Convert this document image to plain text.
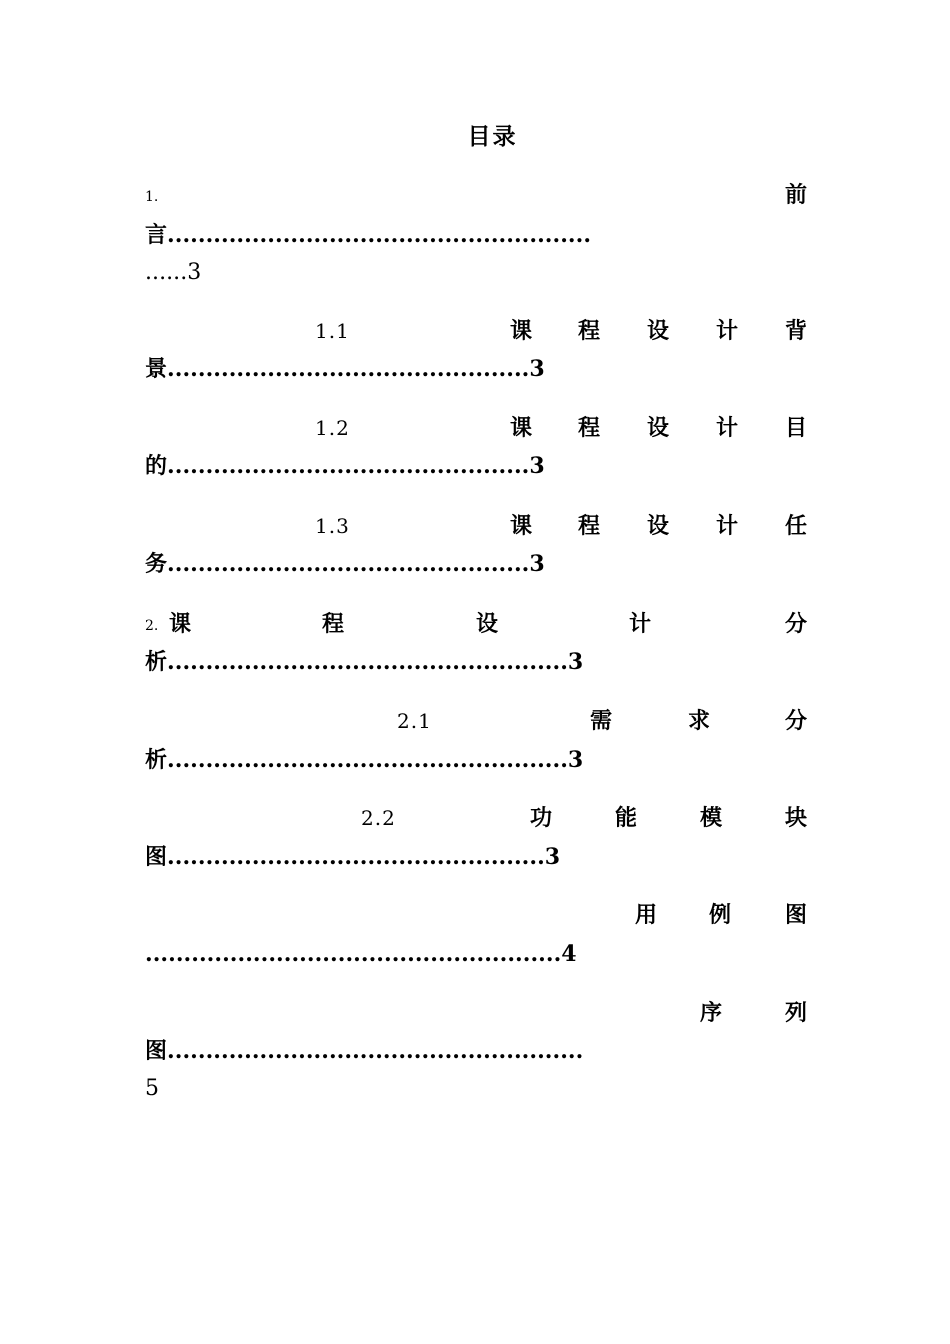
目录
1.	前
言.......................................................
......3
1.1	课 程 设 计 背
景...............................................3
1.2	课 程 设 计 目
的...............................................3
1.3	课 程 设 计 任
务...............................................3
2. 课	程	设	计	分
析....................................................3
2.1	需	求	分
析....................................................3
2.2	功	能	模	块
图.................................................3
用 例 图
......................................................4
序	列
图......................................................
5
